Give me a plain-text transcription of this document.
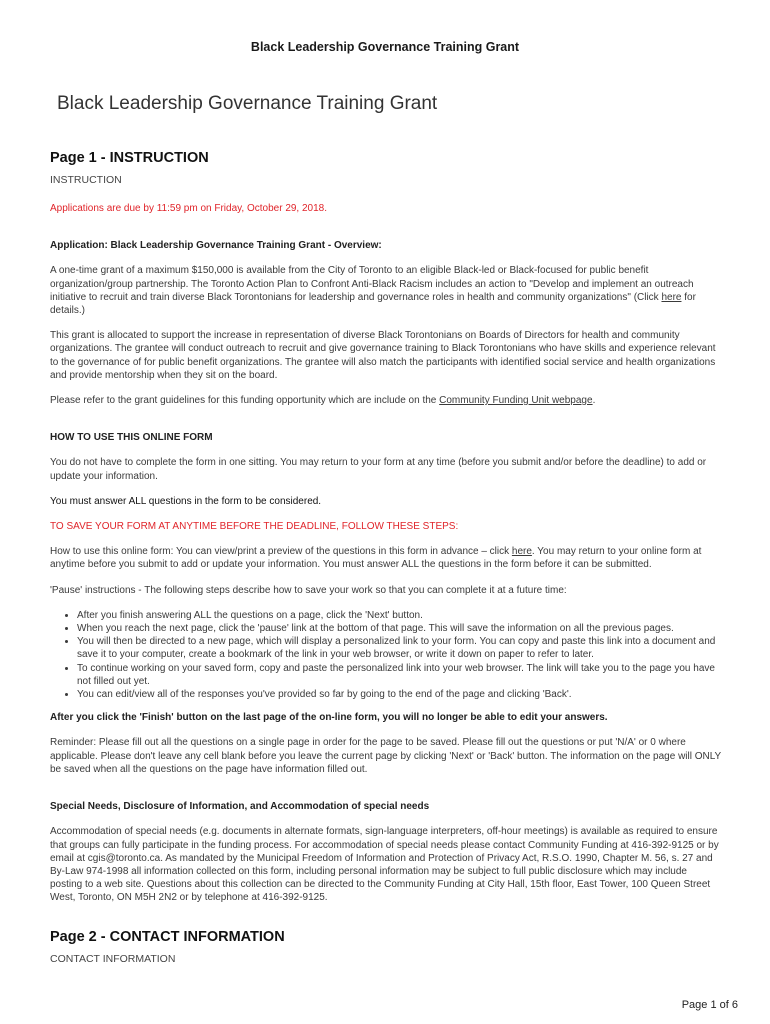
Black Leadership Governance Training Grant
Black Leadership Governance Training Grant
Page 1 - INSTRUCTION
INSTRUCTION

Applications are due by 11:59 pm on Friday, October 29, 2018.

Application: Black Leadership Governance Training Grant - Overview:

A one-time grant of a maximum $150,000 is available from the City of Toronto to an eligible Black-led or Black-focused for public benefit organization/group partnership. The Toronto Action Plan to Confront Anti-Black Racism includes an action to "Develop and implement an outreach initiative to recruit and train diverse Black Torontonians for leadership and governance roles in health and community organizations" (Click here for details.)

This grant is allocated to support the increase in representation of diverse Black Torontonians on Boards of Directors for health and community organizations. The grantee will conduct outreach to recruit and give governance training to Black Torontonians who have skills and experience relevant to the governance of for public benefit organizations. The grantee will also match the participants with identified social service and health organizations and provide mentorship when they sit on the board.

Please refer to the grant guidelines for this funding opportunity which are include on the Community Funding Unit webpage.

HOW TO USE THIS ONLINE FORM

You do not have to complete the form in one sitting. You may return to your form at any time (before you submit and/or before the deadline) to add or update your information.

You must answer ALL questions in the form to be considered.

TO SAVE YOUR FORM AT ANYTIME BEFORE THE DEADLINE, FOLLOW THESE STEPS:

How to use this online form: You can view/print a preview of the questions in this form in advance – click here. You may return to your online form at anytime before you submit to add or update your information. You must answer ALL the questions in the form before it can be submitted.

'Pause' instructions - The following steps describe how to save your work so that you can complete it at a future time:

• After you finish answering ALL the questions on a page, click the 'Next' button.
• When you reach the next page, click the 'pause' link at the bottom of that page. This will save the information on all the previous pages.
• You will then be directed to a new page, which will display a personalized link to your form. You can copy and paste this link into a document and save it to your computer, create a bookmark of the link in your web browser, or write it down on paper to refer to later.
• To continue working on your saved form, copy and paste the personalized link into your web browser. The link will take you to the page you have not filled out yet.
• You can edit/view all of the responses you've provided so far by going to the end of the page and clicking 'Back'.

After you click the 'Finish' button on the last page of the on-line form, you will no longer be able to edit your answers.

Reminder: Please fill out all the questions on a single page in order for the page to be saved. Please fill out the questions or put 'N/A' or 0 where applicable. Please don't leave any cell blank before you leave the current page by clicking 'Next' or 'Back' button. The information on the page will ONLY be saved when all the questions on the page have information filled out.

Special Needs, Disclosure of Information, and Accommodation of special needs

Accommodation of special needs (e.g. documents in alternate formats, sign-language interpreters, off-hour meetings) is available as required to ensure that groups can fully participate in the funding process. For accommodation of special needs please contact Community Funding at 416-392-9125 or by email at cgis@toronto.ca. As mandated by the Municipal Freedom of Information and Protection of Privacy Act, R.S.O. 1990, Chapter M. 56, s. 27 and By-Law 974-1998 all information collected on this form, including personal information may be subject to full public disclosure which may include posting to a web site. Questions about this collection can be directed to the Community Funding at City Hall, 15th floor, East Tower, 100 Queen Street West, Toronto, ON M5H 2N2 or by telephone at 416-392-9125.

Page 2 - CONTACT INFORMATION
CONTACT INFORMATION
Page 1 of 6
